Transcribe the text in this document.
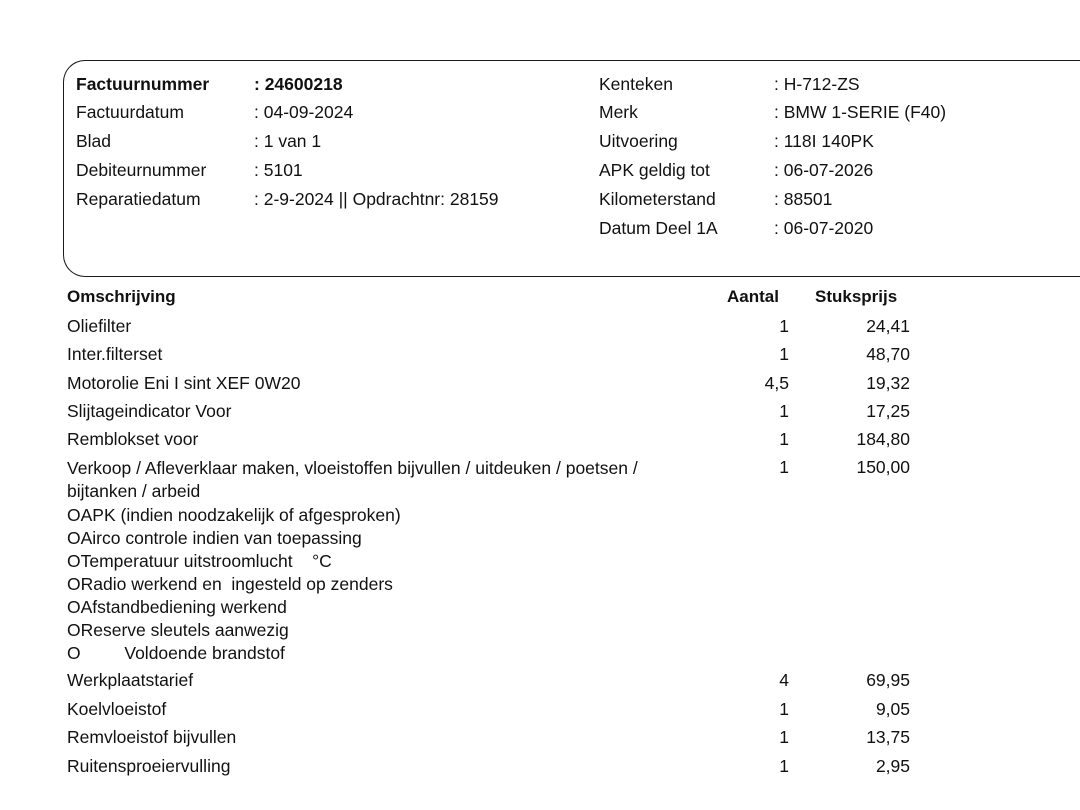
Factuurnummer	: 24600218
Factuurdatum	: 04-09-2024
Blad	: 1 van 1
Debiteurnummer	: 5101
Reparatiedatum	: 2-9-2024 || Opdrachtnr: 28159
Kenteken	: H-712-ZS
Merk	: BMW 1-SERIE (F40)
Uitvoering	: 118I 140PK
APK geldig tot	: 06-07-2026
Kilometerstand	: 88501
Datum Deel 1A	: 06-07-2020
Omschrijving	Aantal Stuksprijs
Oliefilter	1	24,41
Inter.filterset	1	48,70
Motorolie Eni I sint XEF 0W20	4,5	19,32
Slijtageindicator Voor	1	17,25
Remblokset voor	1	184,80
Verkoop / Afleverklaar maken, vloeistoffen bijvullen / uitdeuken / poetsen / bijtanken / arbeid
1	150,00
OAPK (indien noodzakelijk of afgesproken)
OAirco controle indien van toepassing
OTemperatuur uitstroomlucht    °C
ORadio werkend en  ingesteld op zenders
OAfstandbediening werkend
OReserve sleutels aanwezig
O         Voldoende brandstof
Werkplaatstarief	4	69,95
Koelvloeistof	1	9,05
Remvloeistof bijvullen	1	13,75
Ruitensproeiervulling	1	2,95
